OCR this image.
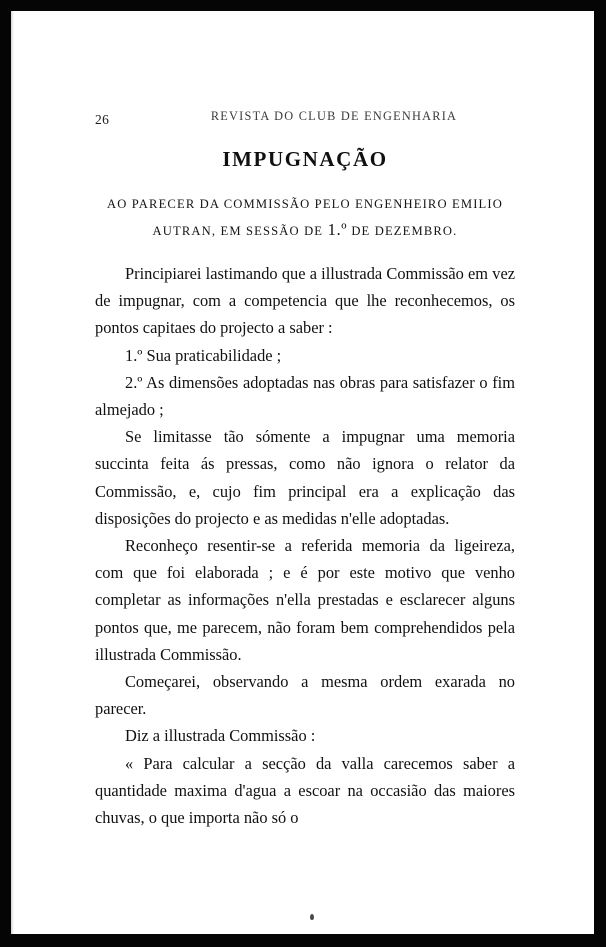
26	REVISTA DO CLUB DE ENGENHARIA
IMPUGNAÇÃO
AO PARECER DA COMMISSÃO PELO ENGENHEIRO EMILIO
AUTRAN, EM SESSÃO DE 1.º DE DEZEMBRO.

Principiarei lastimando que a illustrada Commissão em vez de impugnar, com a competencia que lhe reconhecemos, os pontos capitaes do projecto a saber :

1.º Sua praticabilidade ;

2.º As dimensões adoptadas nas obras para satisfazer o fim almejado ;

Se limitasse tão sómente a impugnar uma memoria succinta feita ás pressas, como não ignora o relator da Commissão, e, cujo fim principal era a explicação das disposições do projecto e as medidas n'elle adoptadas.

Reconheço resentir-se a referida memoria da ligeireza, com que foi elaborada ; e é por este motivo que venho completar as informações n'ella prestadas e esclarecer alguns pontos que, me parecem, não foram bem comprehendidos pela illustrada Commissão.

Começarei, observando a mesma ordem exarada no parecer.

Diz a illustrada Commissão :

« Para calcular a secção da valla carecemos saber a quantidade maxima d'agua a escoar na occasião das maiores chuvas, o que importa não só o
